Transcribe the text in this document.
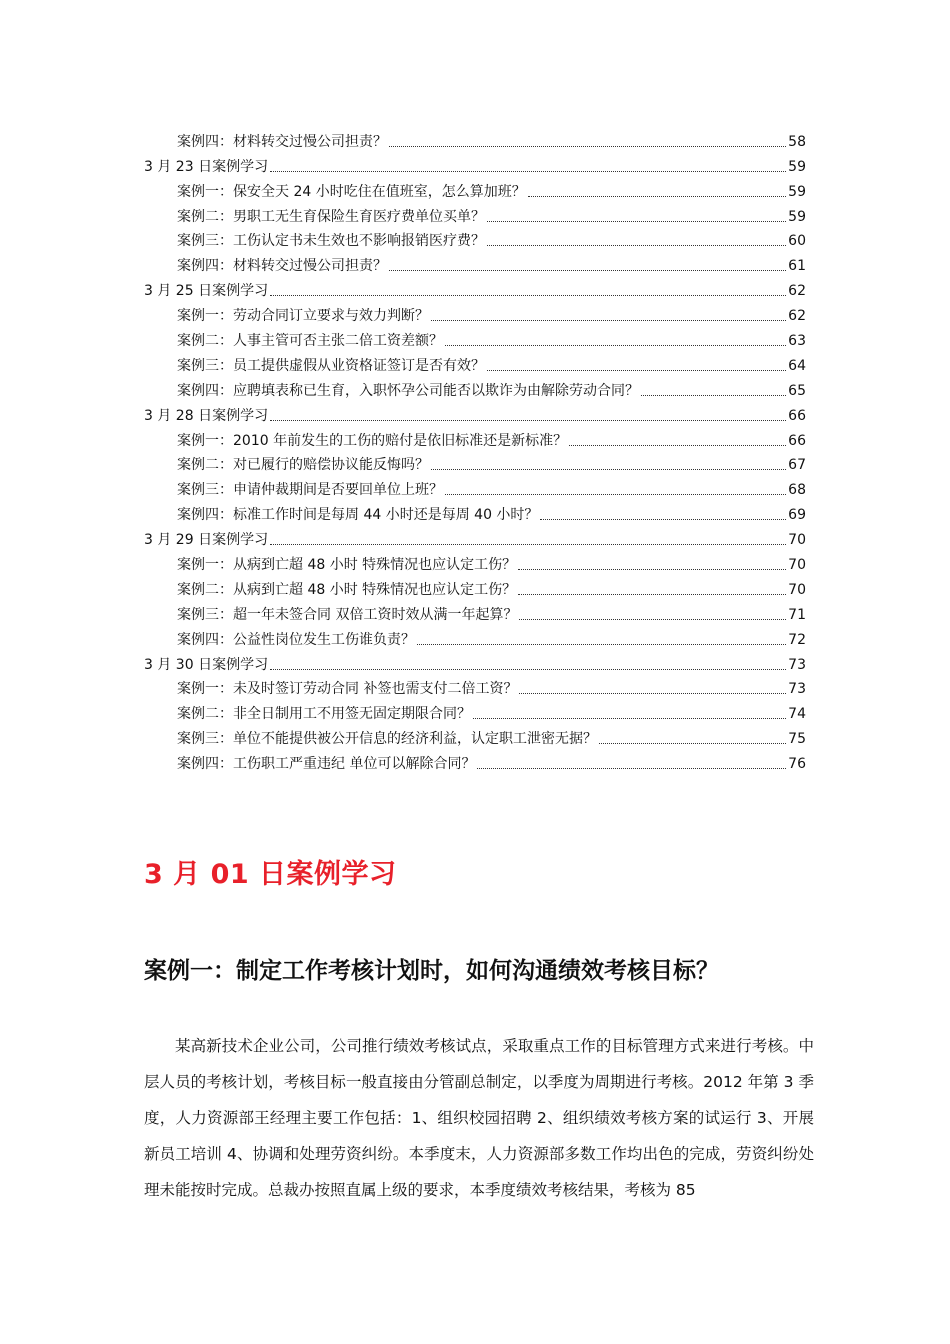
案例四：材料转交过慢公司担责？	58
3 月 23 日案例学习	59
案例一：保安全天 24 小时吃住在值班室，怎么算加班？	59
案例二：男职工无生育保险生育医疗费单位买单？	59
案例三：工伤认定书未生效也不影响报销医疗费？	60
案例四：材料转交过慢公司担责？	61
3 月 25 日案例学习	62
案例一：劳动合同订立要求与效力判断？	62
案例二：人事主管可否主张二倍工资差额？	63
案例三：员工提供虚假从业资格证签订是否有效？	64
案例四：应聘填表称已生育，入职怀孕公司能否以欺诈为由解除劳动合同？	65
3 月 28 日案例学习	66
案例一：2010 年前发生的工伤的赔付是依旧标准还是新标准？	66
案例二：对已履行的赔偿协议能反悔吗？	67
案例三：申请仲裁期间是否要回单位上班？	68
案例四：标准工作时间是每周 44 小时还是每周 40 小时？	69
3 月 29 日案例学习	70
案例一：从病到亡超 48 小时 特殊情况也应认定工伤？	70
案例二：从病到亡超 48 小时 特殊情况也应认定工伤？	70
案例三：超一年未签合同 双倍工资时效从满一年起算？	71
案例四：公益性岗位发生工伤谁负责？	72
3 月 30 日案例学习	73
案例一：未及时签订劳动合同 补签也需支付二倍工资？	73
案例二：非全日制用工不用签无固定期限合同？	74
案例三：单位不能提供被公开信息的经济利益，认定职工泄密无据？	75
案例四：工伤职工严重违纪 单位可以解除合同？	76
3 月 01 日案例学习
案例一：制定工作考核计划时，如何沟通绩效考核目标？

某高新技术企业公司，公司推行绩效考核试点，采取重点工作的目标管理方式来进行考核。中层人员的考核计划，考核目标一般直接由分管副总制定，以季度为周期进行考核。2012 年第 3 季度，人力资源部王经理主要工作包括：1、组织校园招聘 2、组织绩效考核方案的试运行 3、开展新员工培训 4、协调和处理劳资纠纷。本季度末，人力资源部多数工作均出色的完成，劳资纠纷处理未能按时完成。总裁办按照直属上级的要求，本季度绩效考核结果，考核为 85
